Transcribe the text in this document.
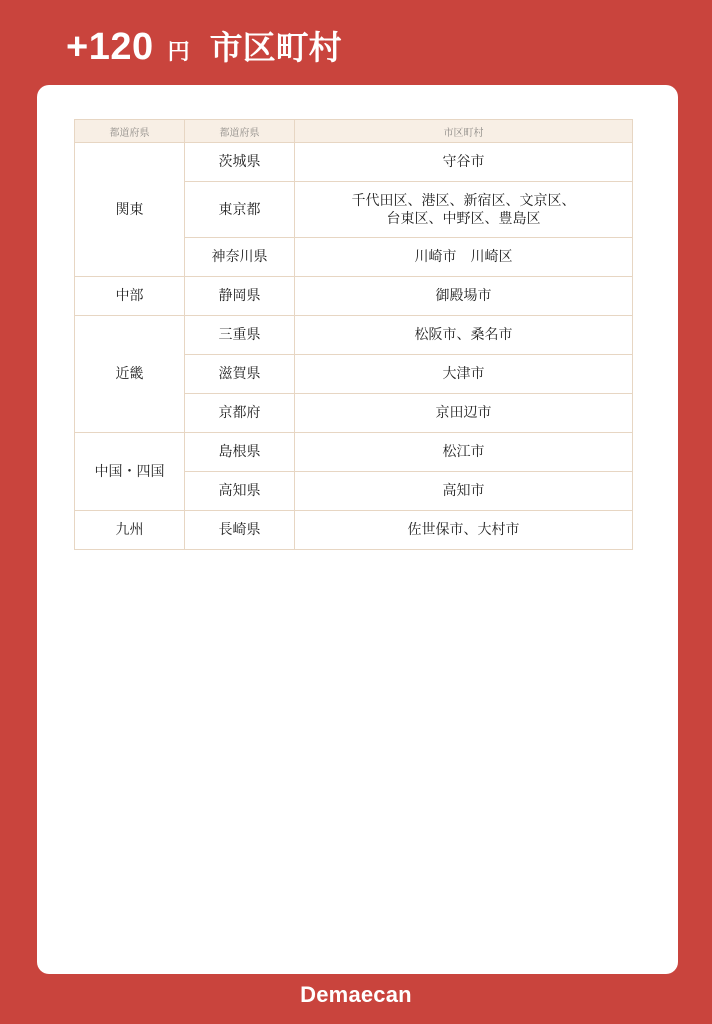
+120 円 市区町村
都道府県	都道府県	市区町村
関東	茨城県	守谷市
	東京都	千代田区、港区、新宿区、文京区、
台東区、中野区、豊島区
	神奈川県	川崎市　川崎区
中部	静岡県	御殿場市
近畿	三重県	松阪市、桑名市
	滋賀県	大津市
	京都府	京田辺市
中国・四国	島根県	松江市
	高知県	高知市
九州	長崎県	佐世保市、大村市
Demaecan
